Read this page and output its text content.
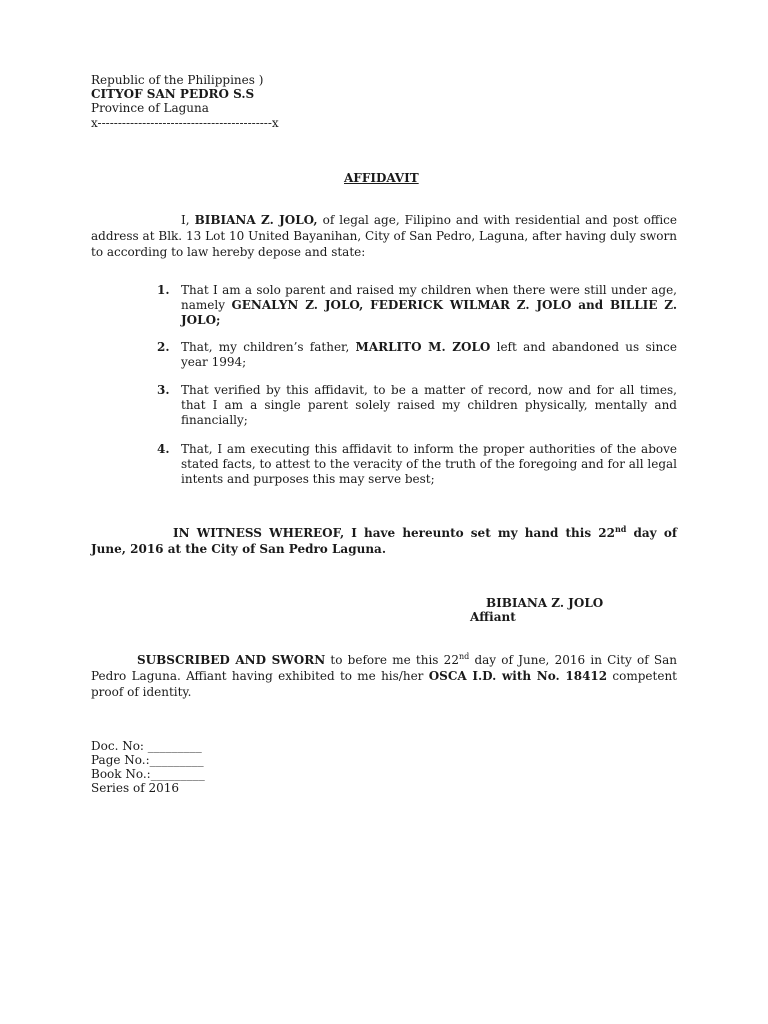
Republic of the Philippines )
CITYOF SAN PEDRO S.S
Province of Laguna
x-------------------------------------------x
AFFIDAVIT
I, BIBIANA Z. JOLO, of legal age, Filipino and with residential and post office address at Blk. 13 Lot 10 United Bayanihan, City of San Pedro, Laguna, after having duly sworn to according to law hereby depose and state:
1. That I am a solo parent and raised my children when there were still under age, namely GENALYN Z. JOLO, FEDERICK WILMAR Z. JOLO and BILLIE Z. JOLO;
2. That, my children’s father, MARLITO M. ZOLO left and abandoned us since year 1994;
3. That verified by this affidavit, to be a matter of record, now and for all times, that I am a single parent solely raised my children physically, mentally and financially;
4. That, I am executing this affidavit to inform the proper authorities of the above stated facts, to attest to the veracity of the truth of the foregoing and for all legal intents and purposes this may serve best;
IN WITNESS WHEREOF, I have hereunto set my hand this 22nd day of June, 2016 at the City of San Pedro Laguna.
BIBIANA Z. JOLO
Affiant
SUBSCRIBED AND SWORN to before me this 22nd day of June, 2016 in City of San Pedro Laguna. Affiant having exhibited to me his/her OSCA I.D. with No. 18412 competent proof of identity.
Doc. No: _________
Page No.:_________
Book No.:_________
Series of 2016
